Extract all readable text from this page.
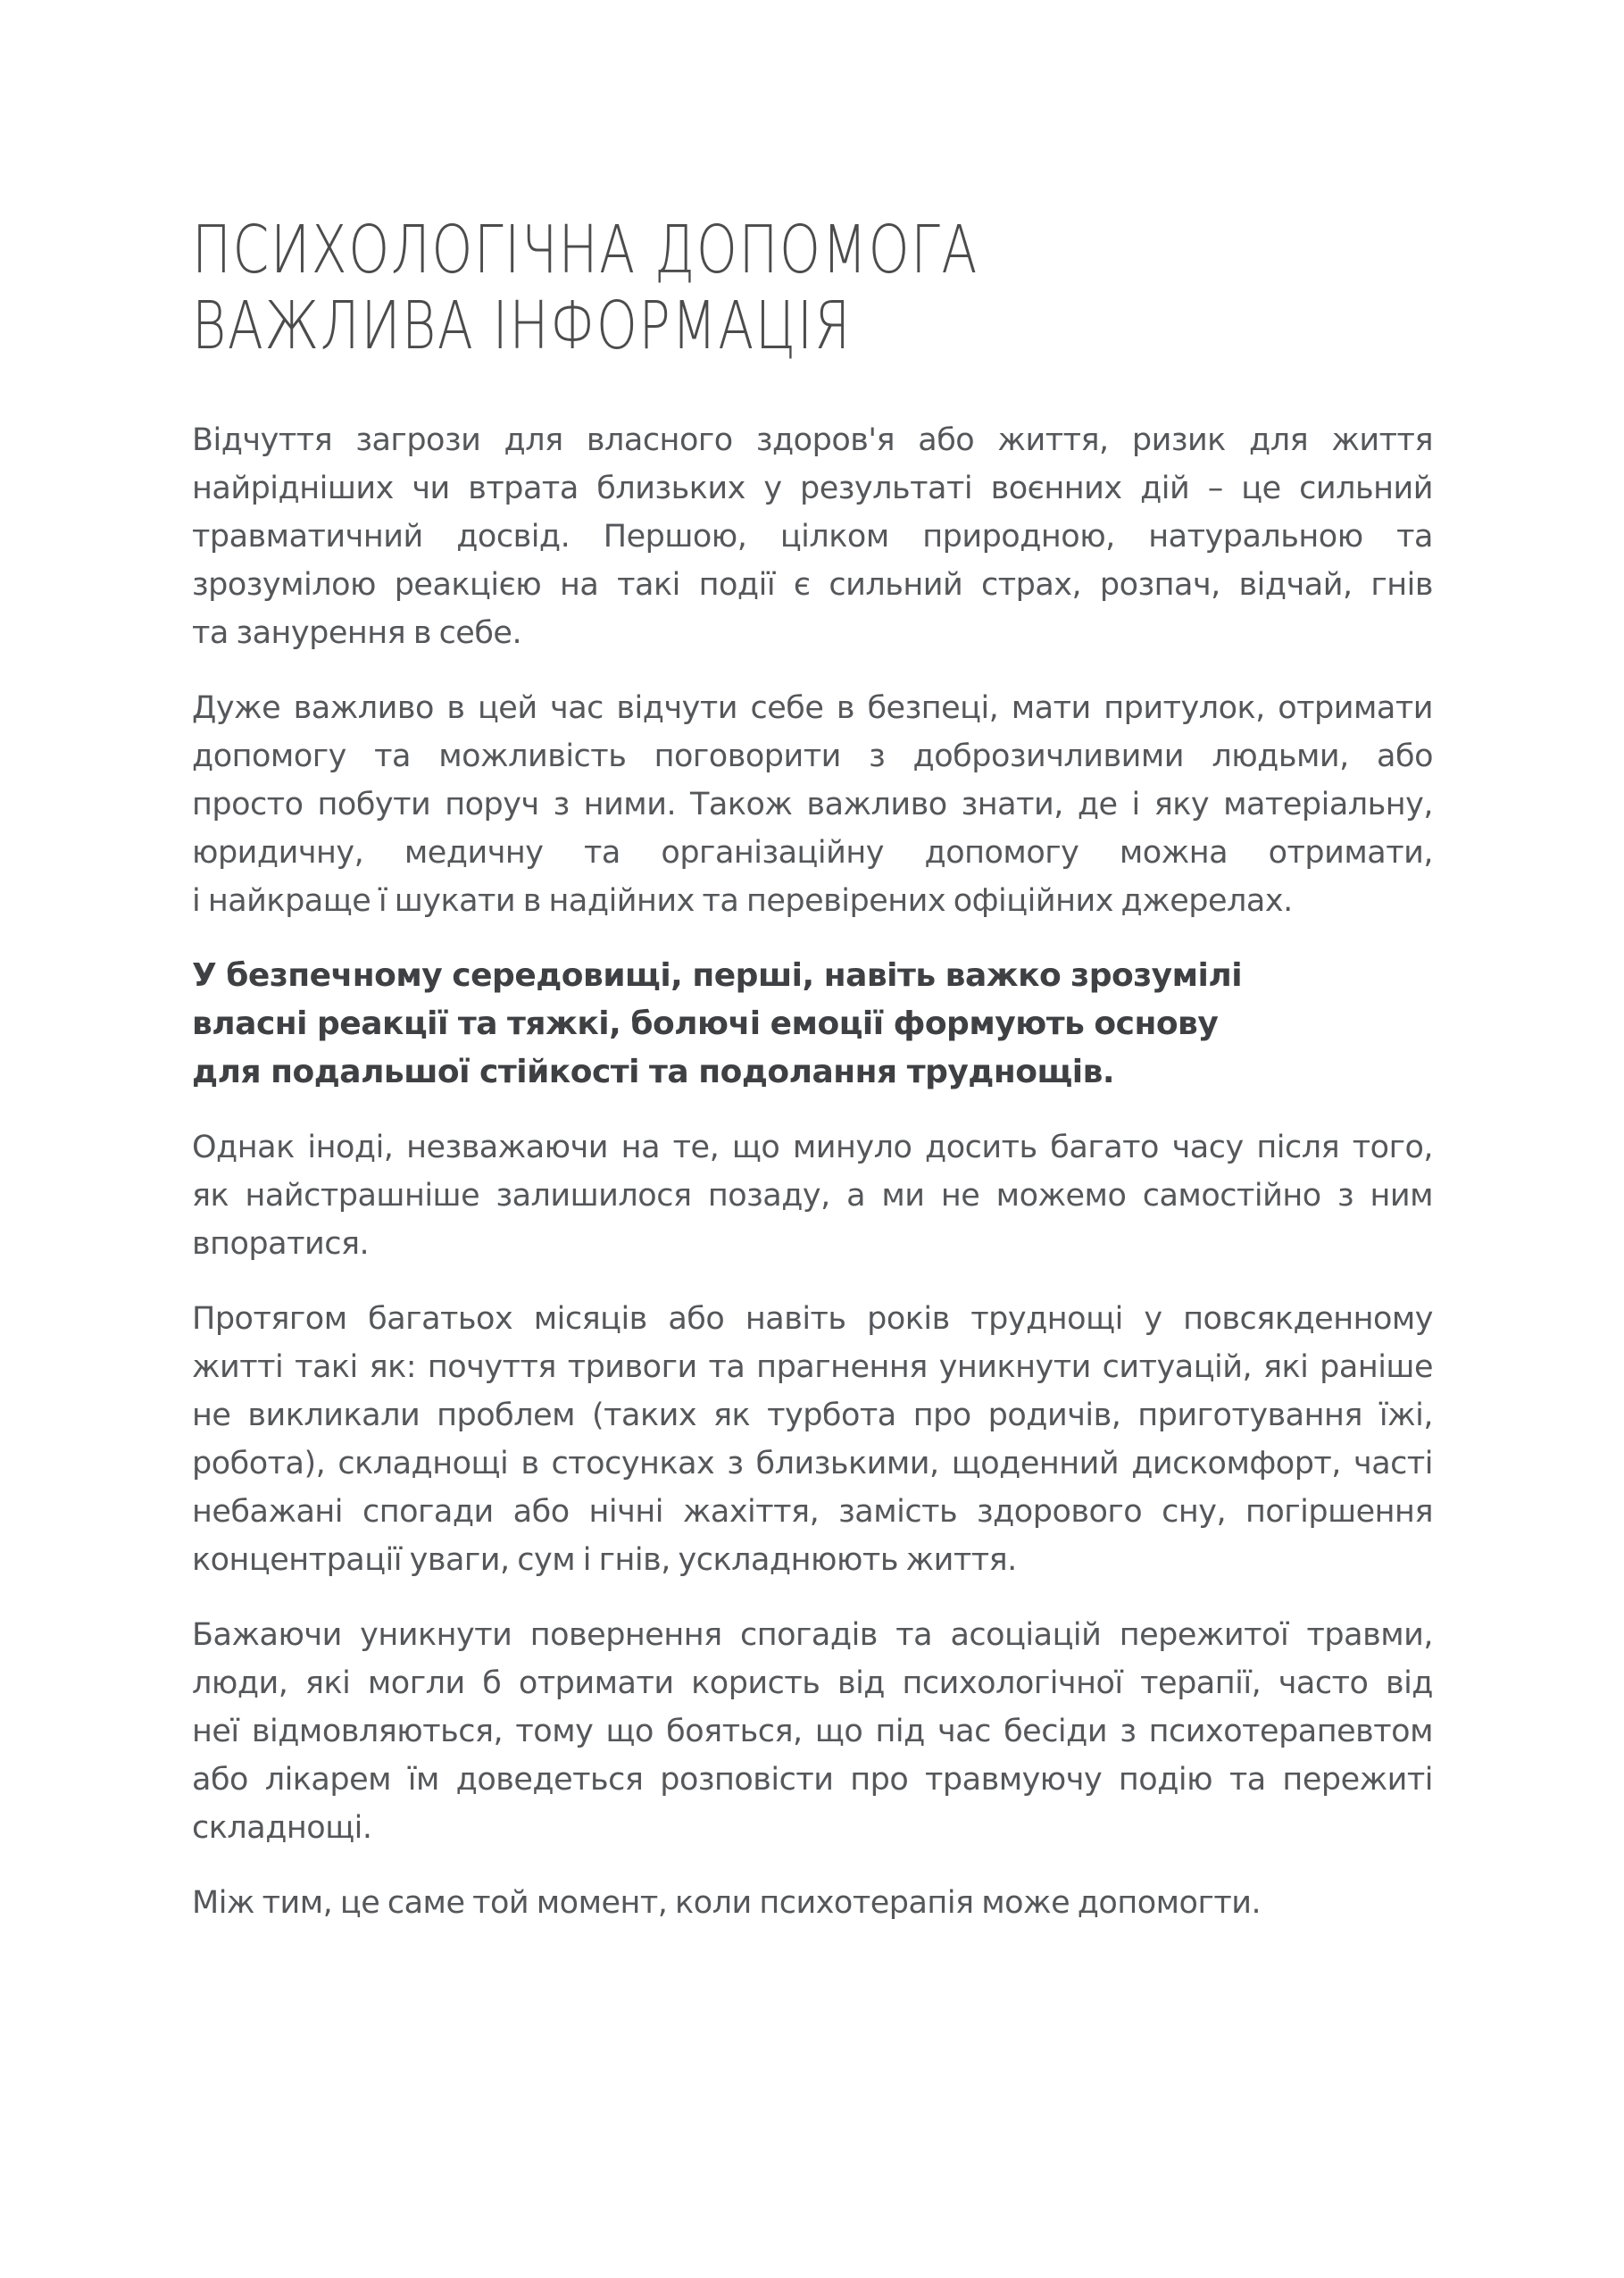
ПСИХОЛОГІЧНА ДОПОМОГА
ВАЖЛИВА ІНФОРМАЦІЯ
Відчуття загрози для власного здоров'я або життя, ризик для життя
найрідніших чи втрата близьких у результаті воєнних дій – це сильний
травматичний досвід. Першою, цілком природною, натуральною та
зрозумілою реакцією на такі події є сильний страх, розпач, відчай, гнів
та занурення в себе.
Дуже важливо в цей час відчути себе в безпеці, мати притулок, отримати
допомогу та можливість поговорити з доброзичливими людьми, або
просто побути поруч з ними. Також важливо знати, де і яку матеріальну,
юридичну, медичну та організаційну допомогу можна отримати,
і найкраще ї шукати в надійних та перевірених офіційних джерелах.
У безпечному середовищі, перші, навіть важко зрозумілі
власні реакції та тяжкі, болючі емоції формують основу
для подальшої стійкості та подолання труднощів.
Однак іноді, незважаючи на те, що минуло досить багато часу після того,
як найстрашніше залишилося позаду, а ми не можемо самостійно з ним
впоратися.
Протягом багатьох місяців або навіть років труднощі у повсякденному
житті такі як: почуття тривоги та прагнення уникнути ситуацій, які раніше
не викликали проблем (таких як турбота про родичів, приготування їжі,
робота), складнощі в стосунках з близькими, щоденний дискомфорт, часті
небажані спогади або нічні жахіття, замість здорового сну, погіршення
концентрації уваги, сум і гнів, ускладнюють життя.
Бажаючи уникнути повернення спогадів та асоціацій пережитої травми,
люди, які могли б отримати користь від психологічної терапії, часто від
неї відмовляються, тому що бояться, що під час бесіди з психотерапевтом
або лікарем їм доведеться розповісти про травмуючу подію та пережиті
складнощі.
Між тим, це саме той момент, коли психотерапія може допомогти.
